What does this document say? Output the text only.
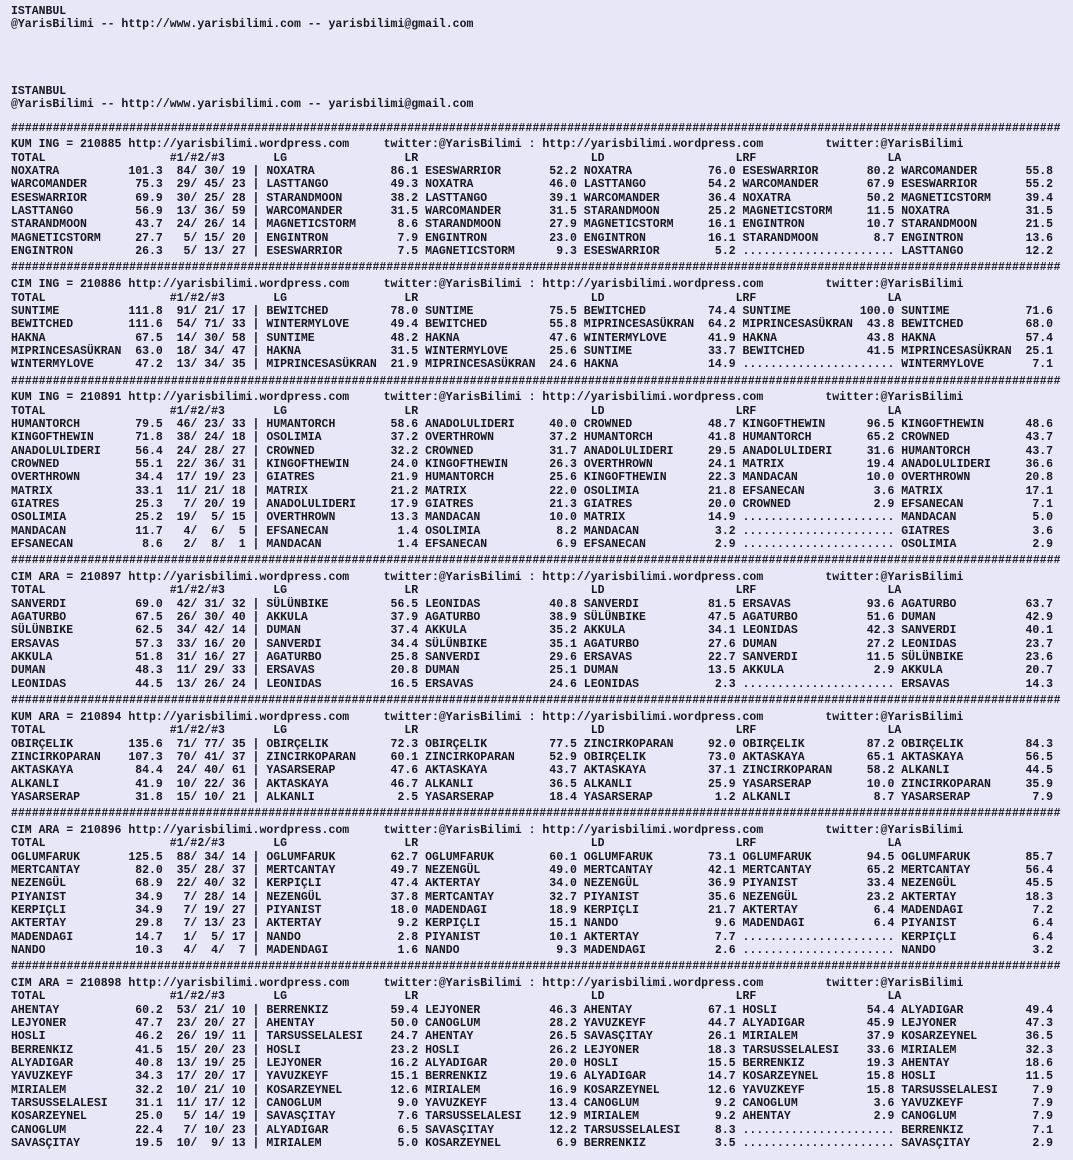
ISTANBUL
@YarisBilimi -- http://www.yarisbilimi.com -- yarisbilimi@gmail.com
ISTANBUL
@YarisBilimi -- http://www.yarisbilimi.com -- yarisbilimi@gmail.com
#######################################################################################################################################################
KUM ING = 210885 http://yarisbilimi.wordpress.com     twitter:@YarisBilimi : http://yarisbilimi.wordpress.com         twitter:@YarisBilimi
TOTAL                  #1/#2/#3       LG                 LR                         LD                   LRF                   LA
NOXATRA          101.3  84/ 30/ 19 | NOXATRA           86.1 ESESWARRIOR       52.2 NOXATRA           76.0 ESESWARRIOR       80.2 WARCOMANDER       55.8
WARCOMANDER       75.3  29/ 45/ 23 | LASTTANGO         49.3 NOXATRA           46.0 LASTTANGO         54.2 WARCOMANDER       67.9 ESESWARRIOR       55.2
ESESWARRIOR       69.9  30/ 25/ 28 | STARANDMOON       38.2 LASTTANGO         39.1 WARCOMANDER       36.4 NOXATRA           50.2 MAGNETICSTORM     39.4
LASTTANGO         56.9  13/ 36/ 59 | WARCOMANDER       31.5 WARCOMANDER       31.5 STARANDMOON       25.2 MAGNETICSTORM     11.5 NOXATRA           31.5
STARANDMOON       43.7  24/ 26/ 14 | MAGNETICSTORM      8.6 STARANDMOON       27.9 MAGNETICSTORM     16.1 ENGINTRON         10.7 STARANDMOON       21.5
MAGNETICSTORM     27.7   5/ 15/ 20 | ENGINTRON          7.9 ENGINTRON         23.0 ENGINTRON         16.1 STARANDMOON        8.7 ENGINTRON         13.6
ENGINTRON         26.3   5/ 13/ 27 | ESESWARRIOR        7.5 MAGNETICSTORM      9.3 ESESWARRIOR        5.2 ...................... LASTTANGO         12.2
#######################################################################################################################################################
CIM ING = 210886 http://yarisbilimi.wordpress.com     twitter:@YarisBilimi : http://yarisbilimi.wordpress.com         twitter:@YarisBilimi
TOTAL                  #1/#2/#3       LG                 LR                         LD                   LRF                   LA
SUNTIME          111.8  91/ 21/ 17 | BEWITCHED         78.0 SUNTIME           75.5 BEWITCHED         74.4 SUNTIME          100.0 SUNTIME           71.6
BEWITCHED        111.6  54/ 71/ 33 | WINTERMYLOVE      49.4 BEWITCHED         55.8 MIPRINCESASÜKRAN  64.2 MIPRINCESASÜKRAN  43.8 BEWITCHED         68.0
HAKNA             67.5  14/ 30/ 58 | SUNTIME           48.2 HAKNA             47.6 WINTERMYLOVE      41.9 HAKNA             43.8 HAKNA             57.4
MIPRINCESASÜKRAN  63.0  18/ 34/ 47 | HAKNA             31.5 WINTERMYLOVE      25.6 SUNTIME           33.7 BEWITCHED         41.5 MIPRINCESASÜKRAN  25.1
WINTERMYLOVE      47.2  13/ 34/ 35 | MIPRINCESASÜKRAN  21.9 MIPRINCESASÜKRAN  24.6 HAKNA             14.9 ...................... WINTERMYLOVE       7.1
#######################################################################################################################################################
KUM ING = 210891 http://yarisbilimi.wordpress.com     twitter:@YarisBilimi : http://yarisbilimi.wordpress.com         twitter:@YarisBilimi
TOTAL                  #1/#2/#3       LG                 LR                         LD                   LRF                   LA
HUMANTORCH        79.5  46/ 23/ 33 | HUMANTORCH        58.6 ANADOLULIDERI     40.0 CROWNED           48.7 KINGOFTHEWIN      96.5 KINGOFTHEWIN      48.6
KINGOFTHEWIN      71.8  38/ 24/ 18 | OSOLIMIA          37.2 OVERTHROWN        37.2 HUMANTORCH        41.8 HUMANTORCH        65.2 CROWNED           43.7
ANADOLULIDERI     56.4  24/ 28/ 27 | CROWNED           32.2 CROWNED           31.7 ANADOLULIDERI     29.5 ANADOLULIDERI     31.6 HUMANTORCH        43.7
CROWNED           55.1  22/ 36/ 31 | KINGOFTHEWIN      24.0 KINGOFTHEWIN      26.3 OVERTHROWN        24.1 MATRIX            19.4 ANADOLULIDERI     36.6
OVERTHROWN        34.4  17/ 19/ 23 | GIATRES           21.9 HUMANTORCH        25.6 KINGOFTHEWIN      22.3 MANDACAN          10.0 OVERTHROWN        20.8
MATRIX            33.1  11/ 21/ 18 | MATRIX            21.2 MATRIX            22.0 OSOLIMIA          21.8 EFSANECAN          3.6 MATRIX            17.1
GIATRES           25.3   7/ 20/ 19 | ANADOLULIDERI     17.9 GIATRES           21.3 GIATRES           20.0 CROWNED            2.9 EFSANECAN          7.1
OSOLIMIA          25.2  19/  5/ 15 | OVERTHROWN        13.3 MANDACAN          10.0 MATRIX            14.9 ...................... MANDACAN           5.0
MANDACAN          11.7   4/  6/  5 | EFSANECAN          1.4 OSOLIMIA           8.2 MANDACAN           3.2 ...................... GIATRES            3.6
EFSANECAN          8.6   2/  8/  1 | MANDACAN           1.4 EFSANECAN          6.9 EFSANECAN          2.9 ...................... OSOLIMIA           2.9
#######################################################################################################################################################
CIM ARA = 210897 http://yarisbilimi.wordpress.com     twitter:@YarisBilimi : http://yarisbilimi.wordpress.com         twitter:@YarisBilimi
TOTAL                  #1/#2/#3       LG                 LR                         LD                   LRF                   LA
SANVERDI          69.0  42/ 31/ 32 | SÜLÜNBIKE         56.5 LEONIDAS          40.8 SANVERDI          81.5 ERSAVAS           93.6 AGATURBO          63.7
AGATURBO          67.5  26/ 30/ 40 | AKKULA            37.9 AGATURBO          38.9 SÜLÜNBIKE         47.5 AGATURBO          51.6 DUMAN             42.9
SÜLÜNBIKE         62.5  34/ 42/ 14 | DUMAN             37.4 AKKULA            35.2 AKKULA            34.1 LEONIDAS          42.3 SANVERDI          40.1
ERSAVAS           57.3  33/ 16/ 20 | SANVERDI          34.4 SÜLÜNBIKE         35.1 AGATURBO          27.6 DUMAN             27.2 LEONIDAS          23.7
AKKULA            51.8  31/ 16/ 27 | AGATURBO          25.8 SANVERDI          29.6 ERSAVAS           22.7 SANVERDI          11.5 SÜLÜNBIKE         23.6
DUMAN             48.3  11/ 29/ 33 | ERSAVAS           20.8 DUMAN             25.1 DUMAN             13.5 AKKULA             2.9 AKKULA            20.7
LEONIDAS          44.5  13/ 26/ 24 | LEONIDAS          16.5 ERSAVAS           24.6 LEONIDAS           2.3 ...................... ERSAVAS           14.3
#######################################################################################################################################################
KUM ARA = 210894 http://yarisbilimi.wordpress.com     twitter:@YarisBilimi : http://yarisbilimi.wordpress.com         twitter:@YarisBilimi
TOTAL                  #1/#2/#3       LG                 LR                         LD                   LRF                   LA
OBIRÇELIK        135.6  71/ 77/ 35 | OBIRÇELIK         72.3 OBIRÇELIK         77.5 ZINCIRKOPARAN     92.0 OBIRÇELIK         87.2 OBIRÇELIK         84.3
ZINCIRKOPARAN    107.3  70/ 41/ 37 | ZINCIRKOPARAN     60.1 ZINCIRKOPARAN     52.9 OBIRÇELIK         73.0 AKTASKAYA         65.1 AKTASKAYA         56.5
AKTASKAYA         84.4  24/ 40/ 61 | YASARSERAP        47.6 AKTASKAYA         43.7 AKTASKAYA         37.1 ZINCIRKOPARAN     58.2 ALKANLI           44.5
ALKANLI           41.9  10/ 22/ 36 | AKTASKAYA         46.7 ALKANLI           36.5 ALKANLI           25.9 YASARSERAP        10.0 ZINCIRKOPARAN     35.9
YASARSERAP        31.8  15/ 10/ 21 | ALKANLI            2.5 YASARSERAP        18.4 YASARSERAP         1.2 ALKANLI            8.7 YASARSERAP         7.9
#######################################################################################################################################################
CIM ARA = 210896 http://yarisbilimi.wordpress.com     twitter:@YarisBilimi : http://yarisbilimi.wordpress.com         twitter:@YarisBilimi
TOTAL                  #1/#2/#3       LG                 LR                         LD                   LRF                   LA
OGLUMFARUK       125.5  88/ 34/ 14 | OGLUMFARUK        62.7 OGLUMFARUK        60.1 OGLUMFARUK        73.1 OGLUMFARUK        94.5 OGLUMFARUK        85.7
MERTCANTAY        82.0  35/ 28/ 37 | MERTCANTAY        49.7 NEZENGÜL          49.0 MERTCANTAY        42.1 MERTCANTAY        65.2 MERTCANTAY        56.4
NEZENGÜL          68.9  22/ 40/ 32 | KERPIÇLI          47.4 AKTERTAY          34.0 NEZENGÜL          36.9 PIYANIST          33.4 NEZENGÜL          45.5
PIYANIST          34.9   7/ 28/ 14 | NEZENGÜL          37.8 MERTCANTAY        32.7 PIYANIST          35.6 NEZENGÜL          23.2 AKTERTAY          18.3
KERPIÇLI          34.9   7/ 19/ 27 | PIYANIST          18.0 MADENDAGI         18.9 KERPIÇLI          21.7 AKTERTAY           6.4 MADENDAGI          7.2
AKTERTAY          29.8   7/ 13/ 23 | AKTERTAY           9.2 KERPIÇLI          15.1 NANDO              9.6 MADENDAGI          6.4 PIYANIST           6.4
MADENDAGI         14.7   1/  5/ 17 | NANDO              2.8 PIYANIST          10.1 AKTERTAY           7.7 ...................... KERPIÇLI           6.4
NANDO             10.3   4/  4/  7 | MADENDAGI          1.6 NANDO              9.3 MADENDAGI          2.6 ...................... NANDO              3.2
#######################################################################################################################################################
CIM ARA = 210898 http://yarisbilimi.wordpress.com     twitter:@YarisBilimi : http://yarisbilimi.wordpress.com         twitter:@YarisBilimi
TOTAL                  #1/#2/#3       LG                 LR                         LD                   LRF                   LA
AHENTAY           60.2  53/ 21/ 10 | BERRENKIZ         59.4 LEJYONER          46.3 AHENTAY           67.1 HOSLI             54.4 ALYADIGAR         49.4
LEJYONER          47.7  23/ 20/ 27 | AHENTAY           50.0 CANOGLUM          28.2 YAVUZKEYF         44.7 ALYADIGAR         45.9 LEJYONER          47.3
HOSLI             46.2  26/ 19/ 11 | TARSUSSELALESI    24.7 AHENTAY           26.5 SAVASÇITAY        26.1 MIRIALEM          37.9 KOSARZEYNEL       36.5
BERRENKIZ         41.5  15/ 20/ 23 | HOSLI             23.2 HOSLI             26.2 LEJYONER          18.3 TARSUSSELALESI    33.6 MIRIALEM          32.3
ALYADIGAR         40.8  13/ 19/ 25 | LEJYONER          16.2 ALYADIGAR         20.0 HOSLI             15.5 BERRENKIZ         19.3 AHENTAY           18.6
YAVUZKEYF         34.3  17/ 20/ 17 | YAVUZKEYF         15.1 BERRENKIZ         19.6 ALYADIGAR         14.7 KOSARZEYNEL       15.8 HOSLI             11.5
MIRIALEM          32.2  10/ 21/ 10 | KOSARZEYNEL       12.6 MIRIALEM          16.9 KOSARZEYNEL       12.6 YAVUZKEYF         15.8 TARSUSSELALESI     7.9
TARSUSSELALESI    31.1  11/ 17/ 12 | CANOGLUM           9.0 YAVUZKEYF         13.4 CANOGLUM           9.2 CANOGLUM           3.6 YAVUZKEYF          7.9
KOSARZEYNEL       25.0   5/ 14/ 19 | SAVASÇITAY         7.6 TARSUSSELALESI    12.9 MIRIALEM           9.2 AHENTAY            2.9 CANOGLUM           7.9
CANOGLUM          22.4   7/ 10/ 23 | ALYADIGAR          6.5 SAVASÇITAY        12.2 TARSUSSELALESI     8.3 ...................... BERRENKIZ          7.1
SAVASÇITAY        19.5  10/  9/ 13 | MIRIALEM           5.0 KOSARZEYNEL        6.9 BERRENKIZ          3.5 ...................... SAVASÇITAY         2.9
